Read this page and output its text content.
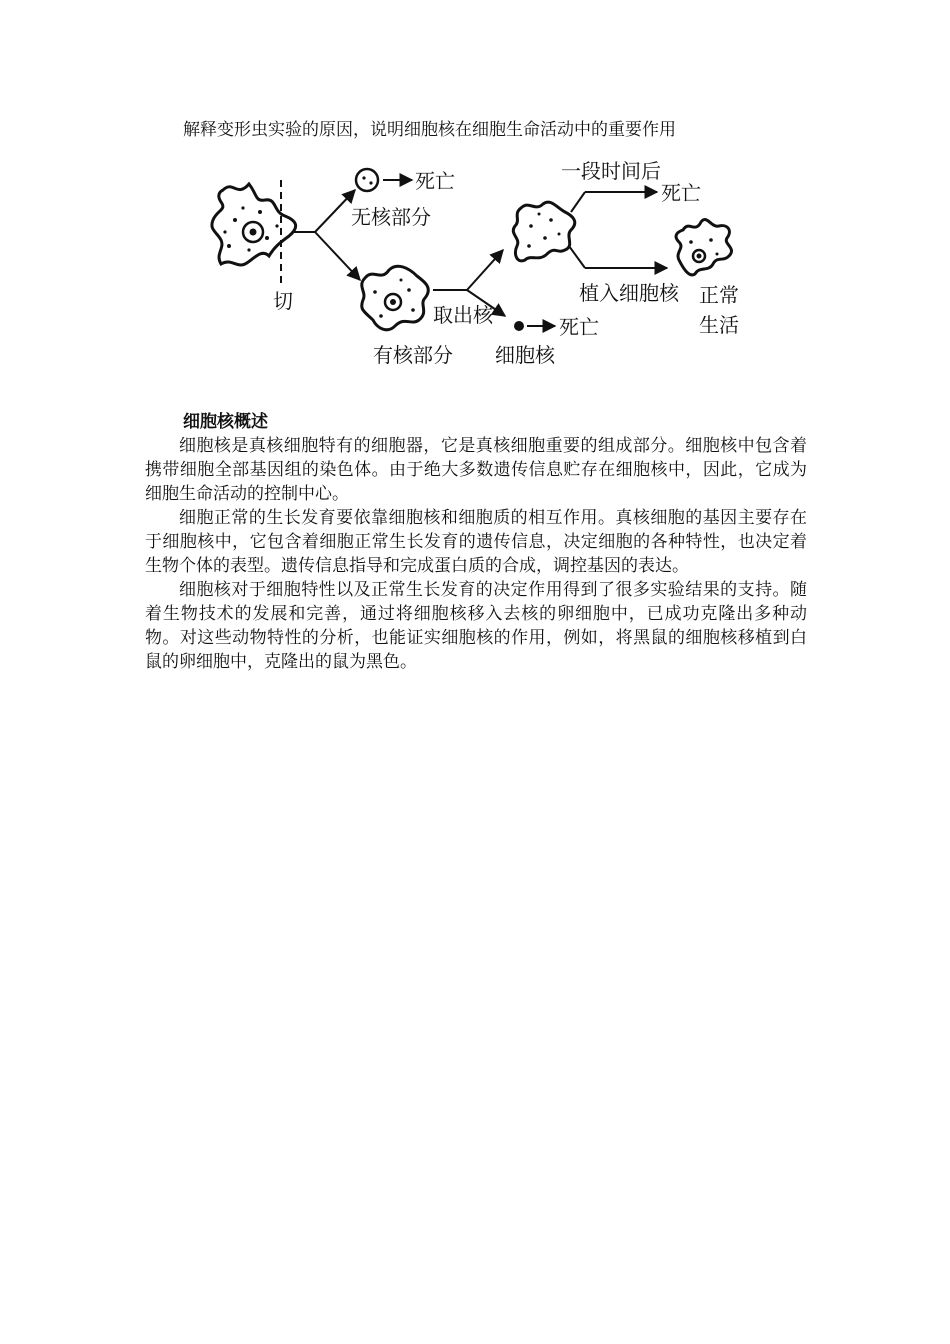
解释变形虫实验的原因，说明细胞核在细胞生命活动中的重要作用
切
死亡
无核部分
有核部分
取出核	死亡
细胞核
一段时间后
死亡
植入细胞核 正常
生活
细胞核概述

细胞核是真核细胞特有的细胞器，它是真核细胞重要的组成部分。细胞核中包含着携带细胞全部基因组的染色体。由于绝大多数遗传信息贮存在细胞核中，因此，它成为细胞生命活动的控制中心。

细胞正常的生长发育要依靠细胞核和细胞质的相互作用。真核细胞的基因主要存在于细胞核中，它包含着细胞正常生长发育的遗传信息，决定细胞的各种特性，也决定着生物个体的表型。遗传信息指导和完成蛋白质的合成，调控基因的表达。

细胞核对于细胞特性以及正常生长发育的决定作用得到了很多实验结果的支持。随着生物技术的发展和完善，通过将细胞核移入去核的卵细胞中，已成功克隆出多种动物。对这些动物特性的分析，也能证实细胞核的作用，例如，将黑鼠的细胞核移植到白鼠的卵细胞中，克隆出的鼠为黑色。
